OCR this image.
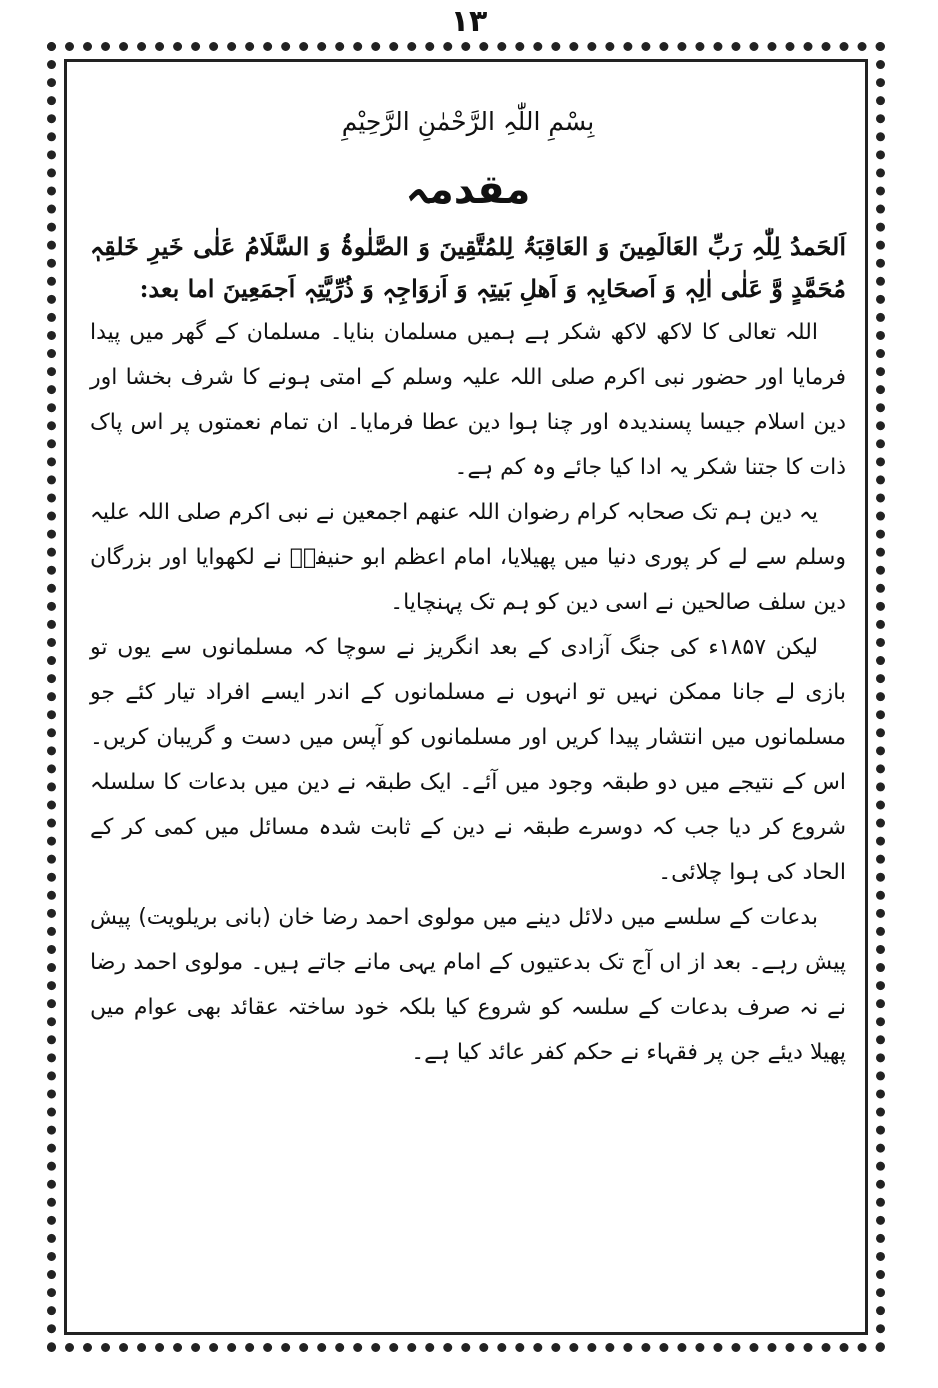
۱۳

بِسْمِ اللّٰہِ الرَّحْمٰنِ الرَّحِيْمِ

مقدمہ

اَلحَمدُ لِلّٰہِ رَبِّ العَالَمِینَ وَ العَاقِبَۃُ لِلمُتَّقِینَ وَ الصَّلٰوۃُ وَ السَّلَامُ عَلٰی خَیرِ خَلقِہٖ مُحَمَّدٍ وَّ عَلٰی اٰلِہٖ وَ اَصحَابِہٖ وَ اَھلِ بَیتِہٖ وَ اَزوَاجِہٖ وَ ذُرِّیَّتِہٖ اَجمَعِینَ اما بعد:

اللہ تعالی کا لاکھ لاکھ شکر ہے ہمیں مسلمان بنایا۔ مسلمان کے گھر میں پیدا فرمایا اور حضور نبی اکرم صلی اللہ علیہ وسلم کے امتی ہونے کا شرف بخشا اور دین اسلام جیسا پسندیدہ اور چنا ہوا دین عطا فرمایا۔ ان تمام نعمتوں پر اس پاک ذات کا جتنا شکر یہ ادا کیا جائے وہ کم ہے۔

یہ دین ہم تک صحابہ کرام رضوان اللہ عنھم اجمعین نے نبی اکرم صلی اللہ علیہ وسلم سے لے کر پوری دنیا میں پھیلایا، امام اعظم ابو حنیفہؒ نے لکھوایا اور بزرگان دین سلف صالحین نے اسی دین کو ہم تک پہنچایا۔

لیکن ۱۸۵۷ء کی جنگ آزادی کے بعد انگریز نے سوچا کہ مسلمانوں سے یوں تو بازی لے جانا ممکن نہیں تو انہوں نے مسلمانوں کے اندر ایسے افراد تیار کئے جو مسلمانوں میں انتشار پیدا کریں اور مسلمانوں کو آپس میں دست و گریبان کریں۔ اس کے نتیجے میں دو طبقہ وجود میں آئے۔ ایک طبقہ نے دین میں بدعات کا سلسلہ شروع کر دیا جب کہ دوسرے طبقہ نے دین کے ثابت شدہ مسائل میں کمی کر کے الحاد کی ہوا چلائی۔

بدعات کے سلسے میں دلائل دینے میں مولوی احمد رضا خان (بانی بریلویت) پیش پیش رہے۔ بعد از اں آج تک بدعتیوں کے امام یہی مانے جاتے ہیں۔ مولوی احمد رضا نے نہ صرف بدعات کے سلسہ کو شروع کیا بلکہ خود ساختہ عقائد بھی عوام میں پھیلا دیئے جن پر فقہاء نے حکم کفر عائد کیا ہے۔
